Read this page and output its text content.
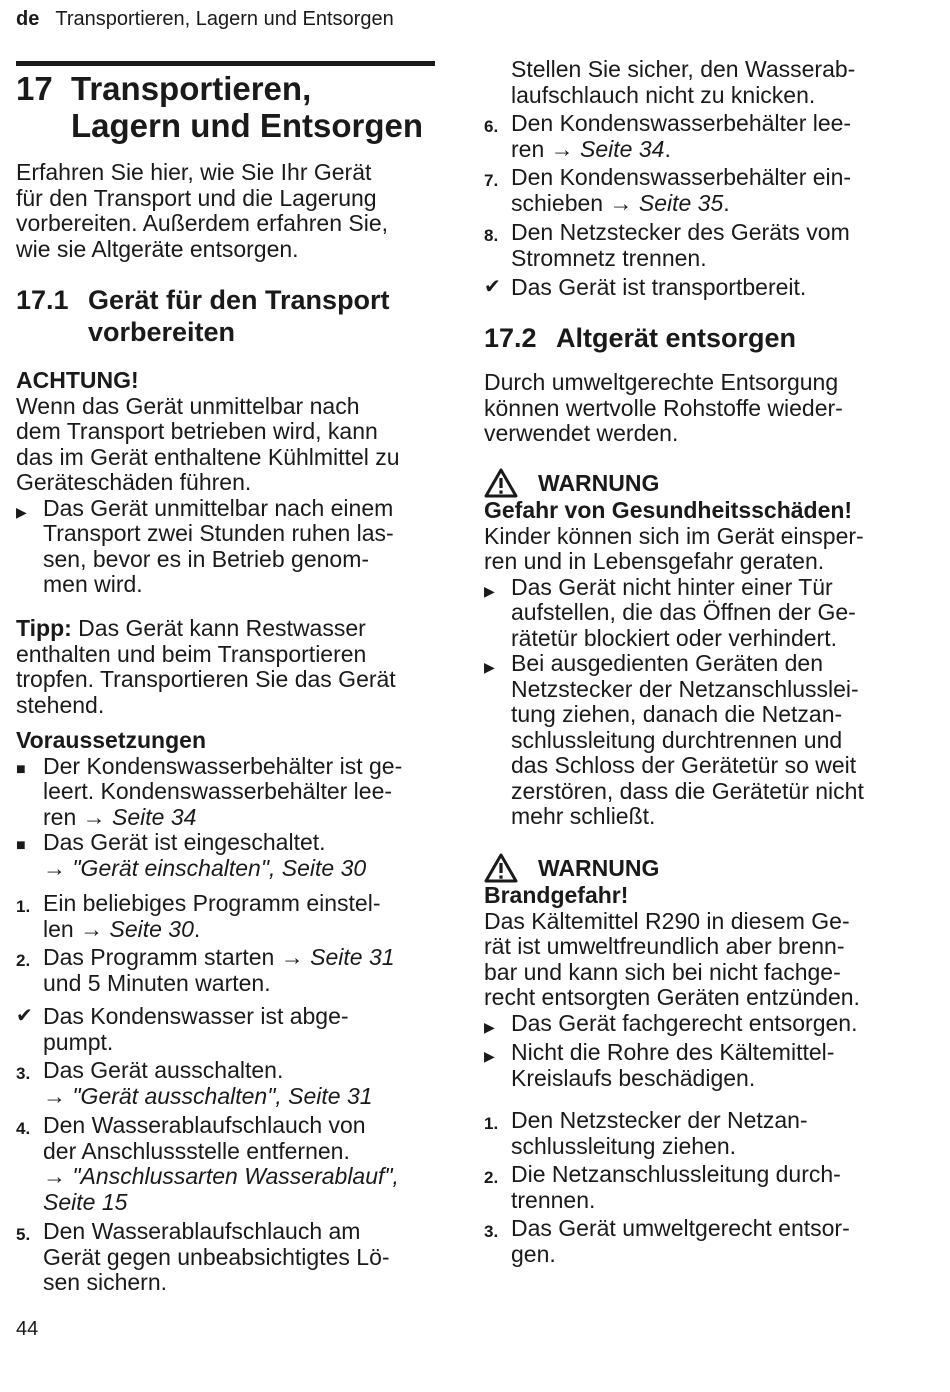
de Transportieren, Lagern und Entsorgen
17 Transportieren,
Lagern und Entsorgen
Erfahren Sie hier, wie Sie Ihr Gerät
für den Transport und die Lagerung
vorbereiten. Außerdem erfahren Sie,
wie sie Altgeräte entsorgen.
17.1 Gerät für den Transport
vorbereiten
ACHTUNG!
Wenn das Gerät unmittelbar nach
dem Transport betrieben wird, kann
das im Gerät enthaltene Kühlmittel zu
Geräteschäden führen.
▶ Das Gerät unmittelbar nach einem
Transport zwei Stunden ruhen las-
sen, bevor es in Betrieb genom-
men wird.
Tipp: Das Gerät kann Restwasser
enthalten und beim Transportieren
tropfen. Transportieren Sie das Gerät
stehend.
Voraussetzungen
■ Der Kondenswasserbehälter ist ge-
leert. Kondenswasserbehälter lee-
ren → Seite 34
■ Das Gerät ist eingeschaltet.
→ "Gerät einschalten", Seite 30
1. Ein beliebiges Programm einstel-
len → Seite 30.
2. Das Programm starten → Seite 31
und 5 Minuten warten.
✔ Das Kondenswasser ist abge-
pumpt.
3. Das Gerät ausschalten.
→ "Gerät ausschalten", Seite 31
4. Den Wasserablaufschlauch von
der Anschlussstelle entfernen.
→ "Anschlussarten Wasserablauf",
Seite 15
5. Den Wasserablaufschlauch am
Gerät gegen unbeabsichtigtes Lö-
sen sichern.
44
Stellen Sie sicher, den Wasserab-
laufschlauch nicht zu knicken.
6. Den Kondenswasserbehälter lee-
ren → Seite 34.
7. Den Kondenswasserbehälter ein-
schieben → Seite 35.
8. Den Netzstecker des Geräts vom
Stromnetz trennen.
✔ Das Gerät ist transportbereit.
17.2 Altgerät entsorgen
Durch umweltgerechte Entsorgung
können wertvolle Rohstoffe wieder-
verwendet werden.
WARNUNG
Gefahr von Gesundheitsschäden!
Kinder können sich im Gerät einsper-
ren und in Lebensgefahr geraten.
▶ Das Gerät nicht hinter einer Tür
aufstellen, die das Öffnen der Ge-
rätetür blockiert oder verhindert.
▶ Bei ausgedienten Geräten den
Netzstecker der Netzanschlusslei-
tung ziehen, danach die Netzan-
schlussleitung durchtrennen und
das Schloss der Gerätetür so weit
zerstören, dass die Gerätetür nicht
mehr schließt.
WARNUNG
Brandgefahr!
Das Kältemittel R290 in diesem Ge-
rät ist umweltfreundlich aber brenn-
bar und kann sich bei nicht fachge-
recht entsorgten Geräten entzünden.
▶ Das Gerät fachgerecht entsorgen.
▶ Nicht die Rohre des Kältemittel-
Kreislaufs beschädigen.
1. Den Netzstecker der Netzan-
schlussleitung ziehen.
2. Die Netzanschlussleitung durch-
trennen.
3. Das Gerät umweltgerecht entsor-
gen.
